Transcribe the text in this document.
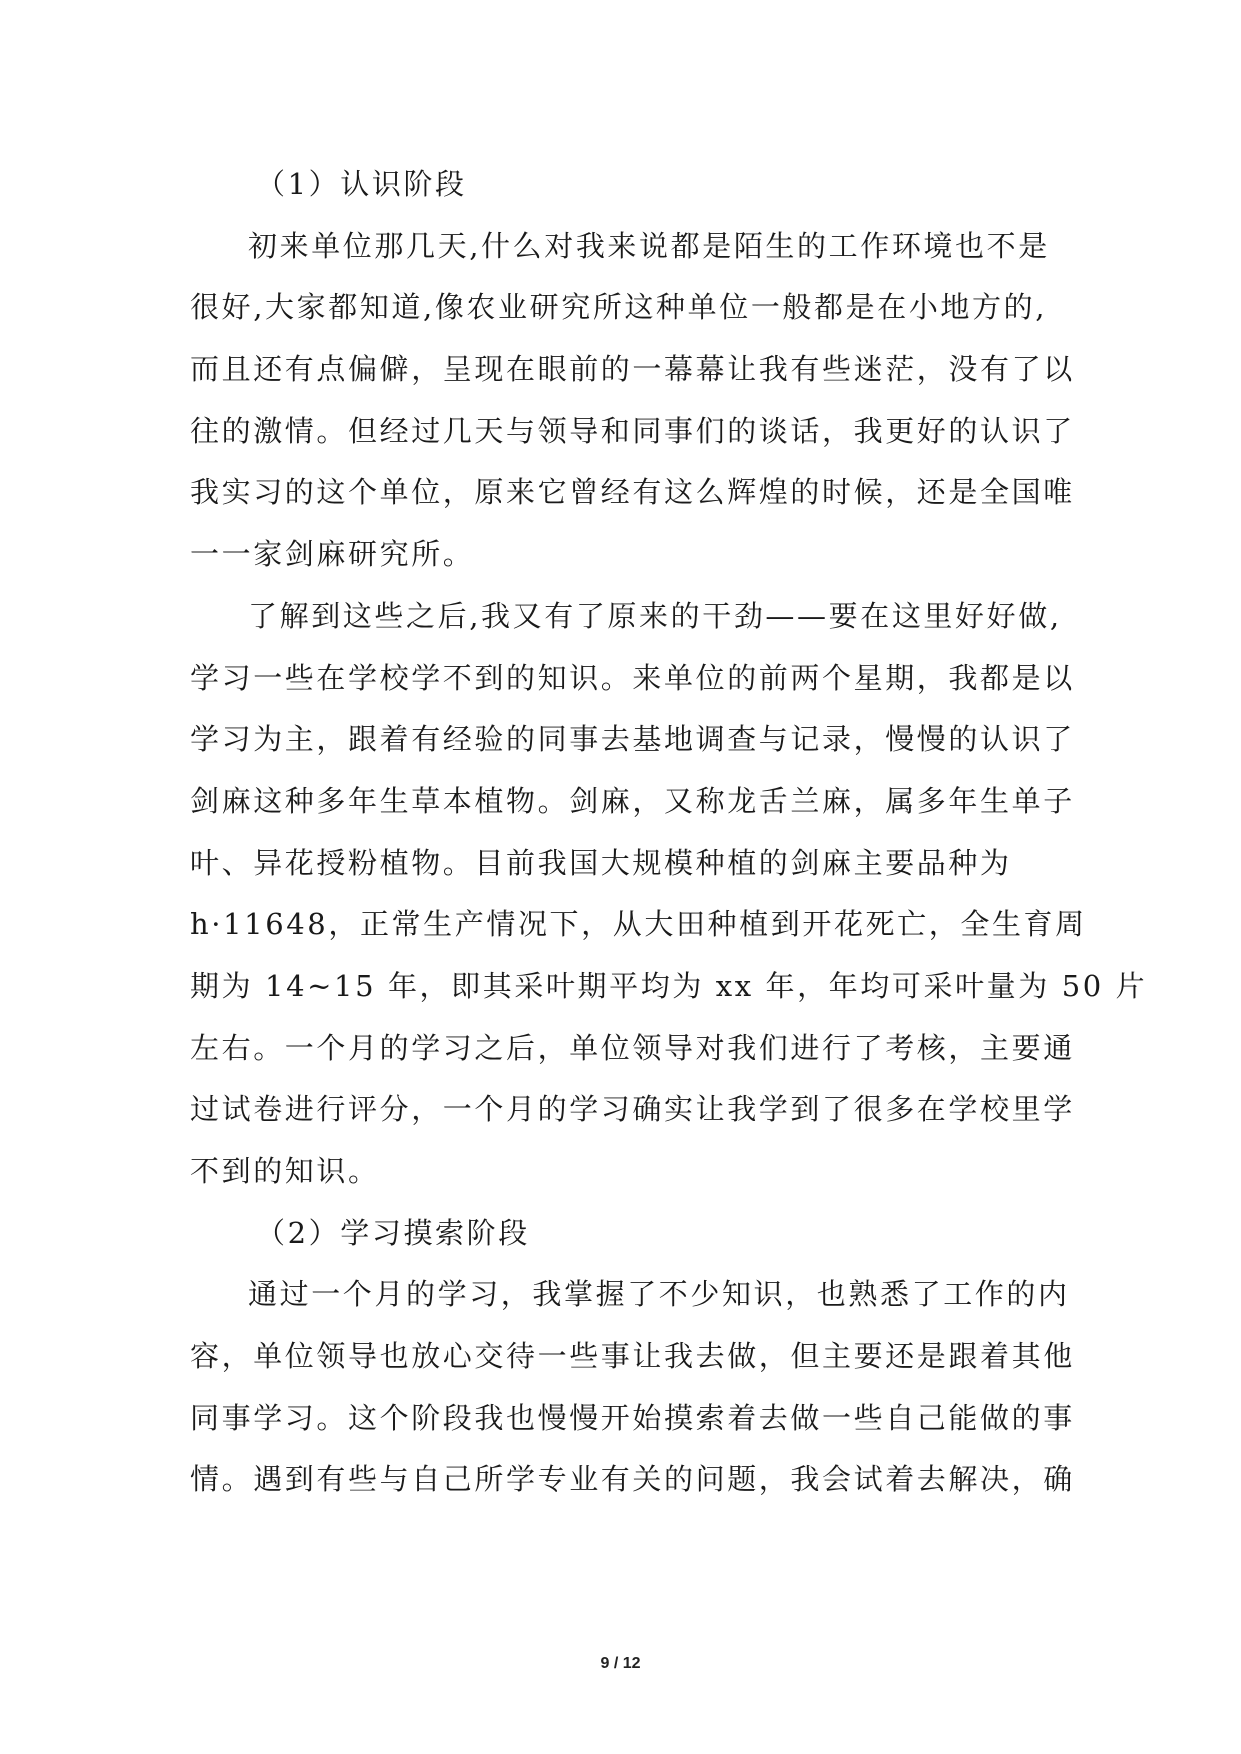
（1）认识阶段
初来单位那几天,什么对我来说都是陌生的工作环境也不是
很好,大家都知道,像农业研究所这种单位一般都是在小地方的,
而且还有点偏僻，呈现在眼前的一幕幕让我有些迷茫，没有了以
往的激情。但经过几天与领导和同事们的谈话，我更好的认识了
我实习的这个单位，原来它曾经有这么辉煌的时候，还是全国唯
一一家剑麻研究所。
了解到这些之后,我又有了原来的干劲——要在这里好好做,
学习一些在学校学不到的知识。来单位的前两个星期，我都是以
学习为主，跟着有经验的同事去基地调查与记录，慢慢的认识了
剑麻这种多年生草本植物。剑麻，又称龙舌兰麻，属多年生单子
叶、异花授粉植物。目前我国大规模种植的剑麻主要品种为
h·11648，正常生产情况下，从大田种植到开花死亡，全生育周
期为 14~15 年，即其采叶期平均为 xx 年，年均可采叶量为 50 片
左右。一个月的学习之后，单位领导对我们进行了考核，主要通
过试卷进行评分，一个月的学习确实让我学到了很多在学校里学
不到的知识。
（2）学习摸索阶段
通过一个月的学习，我掌握了不少知识，也熟悉了工作的内
容，单位领导也放心交待一些事让我去做，但主要还是跟着其他
同事学习。这个阶段我也慢慢开始摸索着去做一些自己能做的事
情。遇到有些与自己所学专业有关的问题，我会试着去解决，确
9 / 12
